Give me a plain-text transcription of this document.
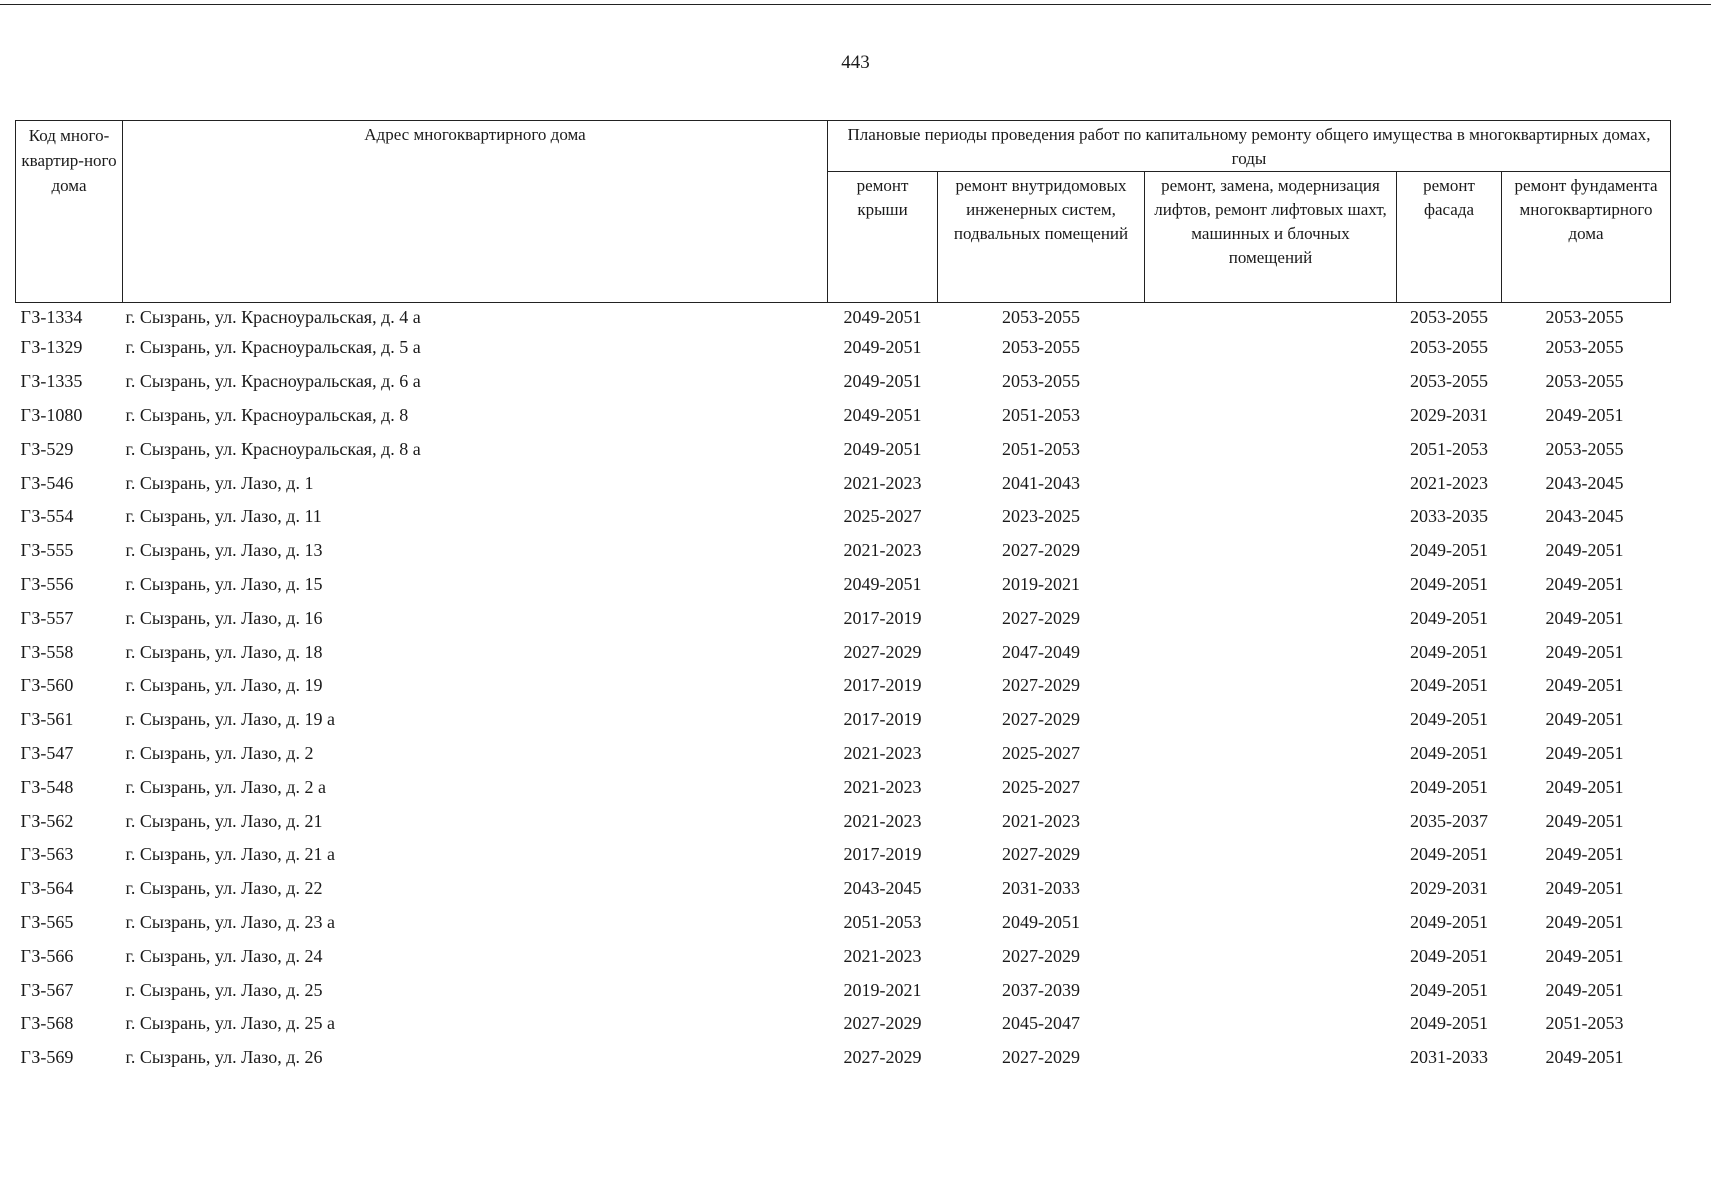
443
Код много-квартир-ного дома	Адрес многоквартирного дома	Плановые периоды проведения работ по капитальному ремонту общего имущества в многоквартирных домах, годы				
		ремонт крыши	ремонт внутридомовых инженерных систем, подвальных помещений	ремонт, замена, модернизация лифтов, ремонт лифтовых шахт, машинных и блочных помещений	ремонт фасада	ремонт фундамента многоквартирного дома
ГЗ-1334	г. Сызрань, ул. Красноуральская, д. 4 а	2049-2051	2053-2055		2053-2055	2053-2055
ГЗ-1329	г. Сызрань, ул. Красноуральская, д. 5 а	2049-2051	2053-2055		2053-2055	2053-2055
ГЗ-1335	г. Сызрань, ул. Красноуральская, д. 6 а	2049-2051	2053-2055		2053-2055	2053-2055
ГЗ-1080	г. Сызрань, ул. Красноуральская, д. 8	2049-2051	2051-2053		2029-2031	2049-2051
ГЗ-529	г. Сызрань, ул. Красноуральская, д. 8 а	2049-2051	2051-2053		2051-2053	2053-2055
ГЗ-546	г. Сызрань, ул. Лазо, д. 1	2021-2023	2041-2043		2021-2023	2043-2045
ГЗ-554	г. Сызрань, ул. Лазо, д. 11	2025-2027	2023-2025		2033-2035	2043-2045
ГЗ-555	г. Сызрань, ул. Лазо, д. 13	2021-2023	2027-2029		2049-2051	2049-2051
ГЗ-556	г. Сызрань, ул. Лазо, д. 15	2049-2051	2019-2021		2049-2051	2049-2051
ГЗ-557	г. Сызрань, ул. Лазо, д. 16	2017-2019	2027-2029		2049-2051	2049-2051
ГЗ-558	г. Сызрань, ул. Лазо, д. 18	2027-2029	2047-2049		2049-2051	2049-2051
ГЗ-560	г. Сызрань, ул. Лазо, д. 19	2017-2019	2027-2029		2049-2051	2049-2051
ГЗ-561	г. Сызрань, ул. Лазо, д. 19 а	2017-2019	2027-2029		2049-2051	2049-2051
ГЗ-547	г. Сызрань, ул. Лазо, д. 2	2021-2023	2025-2027		2049-2051	2049-2051
ГЗ-548	г. Сызрань, ул. Лазо, д. 2 а	2021-2023	2025-2027		2049-2051	2049-2051
ГЗ-562	г. Сызрань, ул. Лазо, д. 21	2021-2023	2021-2023		2035-2037	2049-2051
ГЗ-563	г. Сызрань, ул. Лазо, д. 21 а	2017-2019	2027-2029		2049-2051	2049-2051
ГЗ-564	г. Сызрань, ул. Лазо, д. 22	2043-2045	2031-2033		2029-2031	2049-2051
ГЗ-565	г. Сызрань, ул. Лазо, д. 23 а	2051-2053	2049-2051		2049-2051	2049-2051
ГЗ-566	г. Сызрань, ул. Лазо, д. 24	2021-2023	2027-2029		2049-2051	2049-2051
ГЗ-567	г. Сызрань, ул. Лазо, д. 25	2019-2021	2037-2039		2049-2051	2049-2051
ГЗ-568	г. Сызрань, ул. Лазо, д. 25 а	2027-2029	2045-2047		2049-2051	2051-2053
ГЗ-569	г. Сызрань, ул. Лазо, д. 26	2027-2029	2027-2029		2031-2033	2049-2051
